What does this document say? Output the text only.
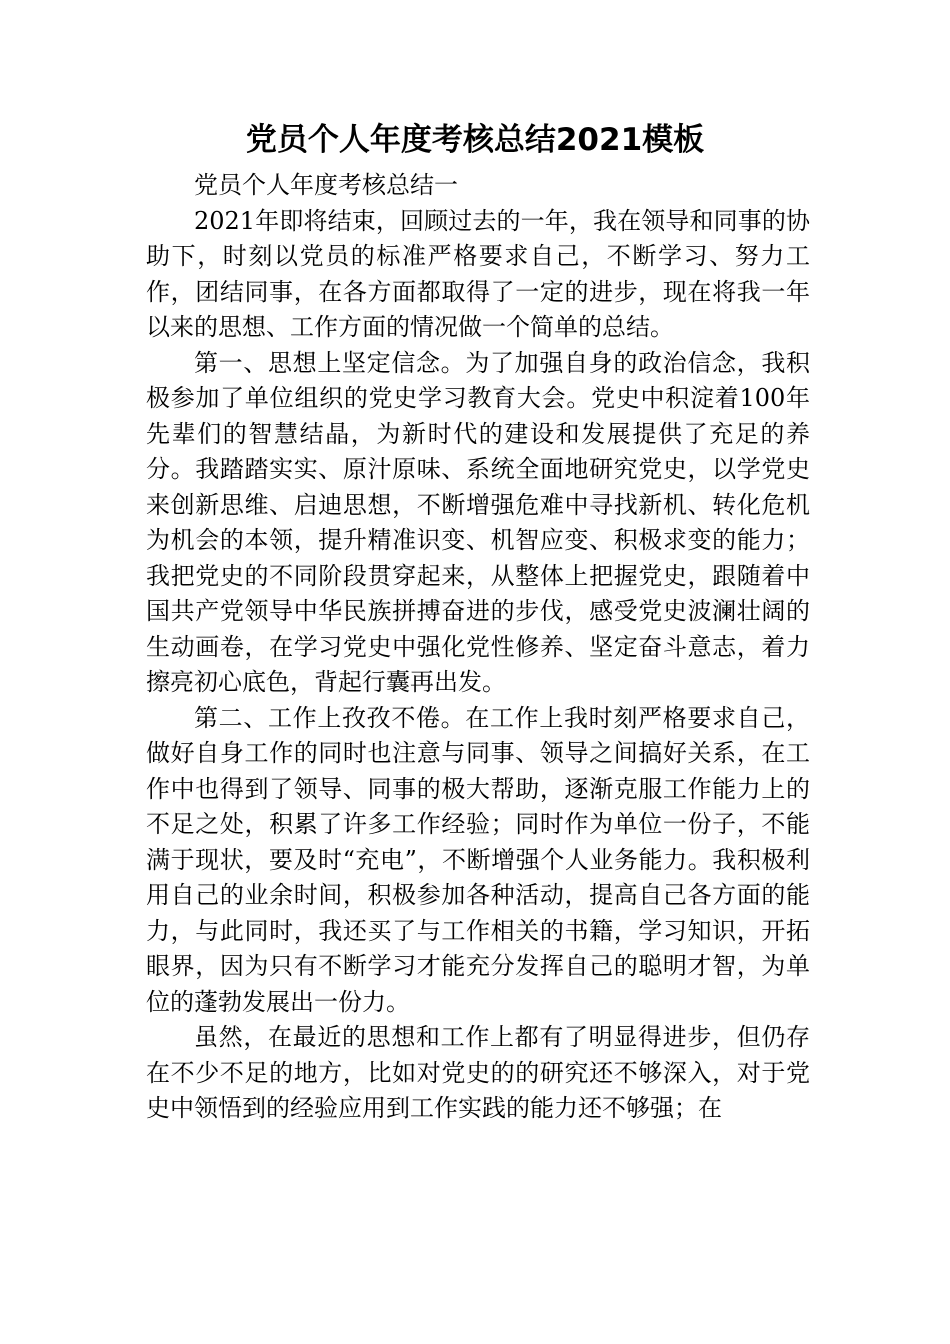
党员个人年度考核总结2021模板

党员个人年度考核总结一

2021年即将结束，回顾过去的一年，我在领导和同事的协助下，时刻以党员的标准严格要求自己，不断学习、努力工作，团结同事，在各方面都取得了一定的进步，现在将我一年以来的思想、工作方面的情况做一个简单的总结。

第一、思想上坚定信念。为了加强自身的政治信念，我积极参加了单位组织的党史学习教育大会。党史中积淀着100年先辈们的智慧结晶，为新时代的建设和发展提供了充足的养分。我踏踏实实、原汁原味、系统全面地研究党史，以学党史来创新思维、启迪思想，不断增强危难中寻找新机、转化危机为机会的本领，提升精准识变、机智应变、积极求变的能力；我把党史的不同阶段贯穿起来，从整体上把握党史，跟随着中国共产党领导中华民族拼搏奋进的步伐，感受党史波澜壮阔的生动画卷，在学习党史中强化党性修养、坚定奋斗意志，着力擦亮初心底色，背起行囊再出发。

第二、工作上孜孜不倦。在工作上我时刻严格要求自己，做好自身工作的同时也注意与同事、领导之间搞好关系，在工作中也得到了领导、同事的极大帮助，逐渐克服工作能力上的不足之处，积累了许多工作经验；同时作为单位一份子，不能满于现状，要及时“充电”，不断增强个人业务能力。我积极利用自己的业余时间，积极参加各种活动，提高自己各方面的能力，与此同时，我还买了与工作相关的书籍，学习知识，开拓眼界，因为只有不断学习才能充分发挥自己的聪明才智，为单位的蓬勃发展出一份力。

虽然，在最近的思想和工作上都有了明显得进步，但仍存在不少不足的地方，比如对党史的的研究还不够深入，对于党史中领悟到的经验应用到工作实践的能力还不够强；在
